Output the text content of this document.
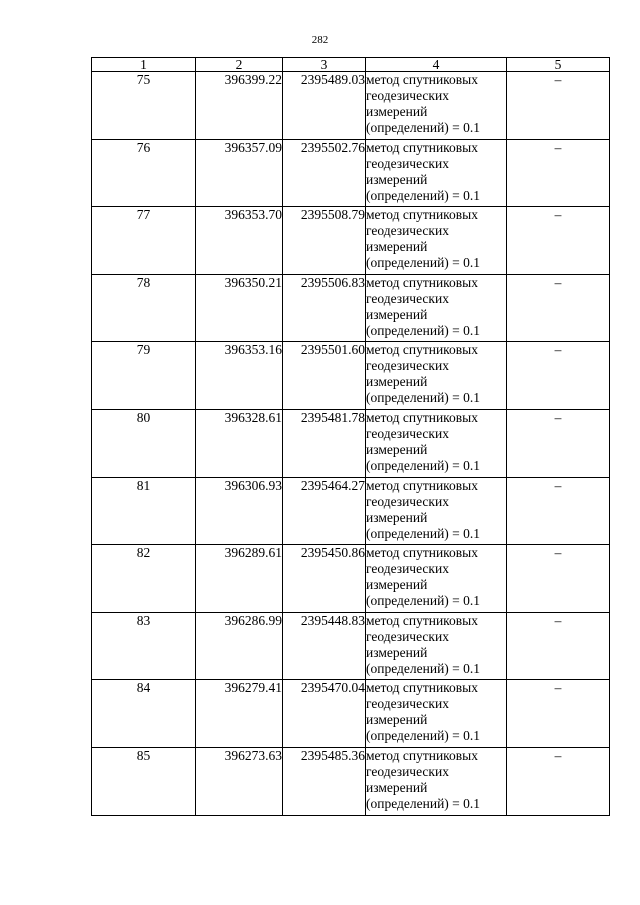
282
1	2	3	4	5
75	396399.22	2395489.03	метод спутниковых
геодезических
измерений
(определений) = 0.1	–
76	396357.09	2395502.76	метод спутниковых
геодезических
измерений
(определений) = 0.1	–
77	396353.70	2395508.79	метод спутниковых
геодезических
измерений
(определений) = 0.1	–
78	396350.21	2395506.83	метод спутниковых
геодезических
измерений
(определений) = 0.1	–
79	396353.16	2395501.60	метод спутниковых
геодезических
измерений
(определений) = 0.1	–
80	396328.61	2395481.78	метод спутниковых
геодезических
измерений
(определений) = 0.1	–
81	396306.93	2395464.27	метод спутниковых
геодезических
измерений
(определений) = 0.1	–
82	396289.61	2395450.86	метод спутниковых
геодезических
измерений
(определений) = 0.1	–
83	396286.99	2395448.83	метод спутниковых
геодезических
измерений
(определений) = 0.1	–
84	396279.41	2395470.04	метод спутниковых
геодезических
измерений
(определений) = 0.1	–
85	396273.63	2395485.36	метод спутниковых
геодезических
измерений
(определений) = 0.1	–
